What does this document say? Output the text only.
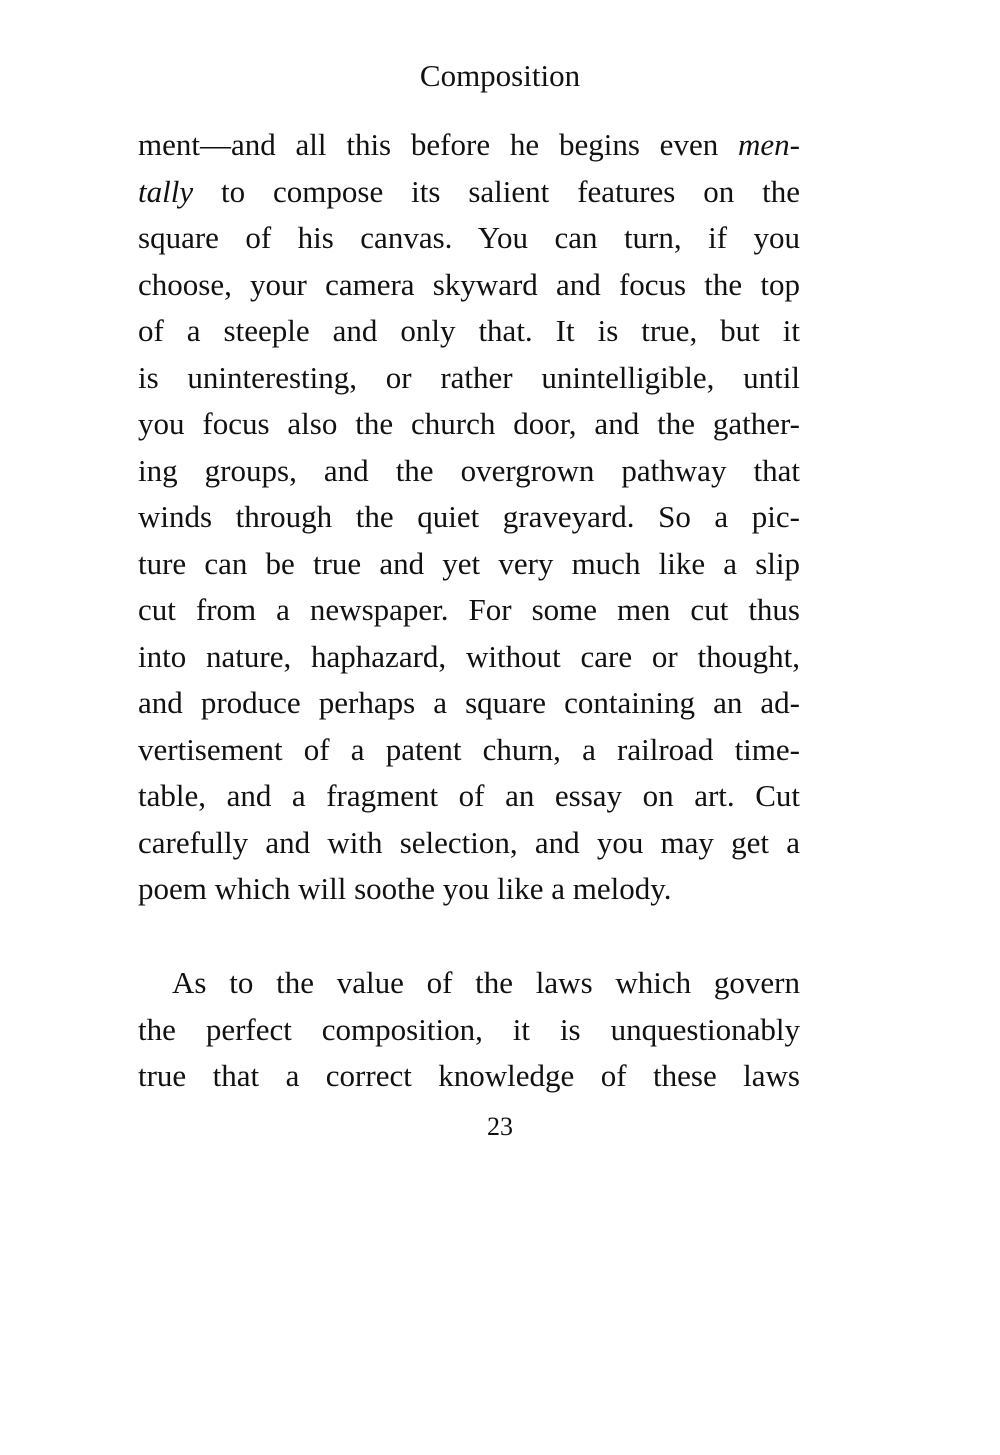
Composition
ment—and all this before he begins even men-
tally to compose its salient features on the
square of his canvas. You can turn, if you
choose, your camera skyward and focus the top
of a steeple and only that. It is true, but it
is uninteresting, or rather unintelligible, until
you focus also the church door, and the gather-
ing groups, and the overgrown pathway that
winds through the quiet graveyard. So a pic-
ture can be true and yet very much like a slip
cut from a newspaper. For some men cut thus
into nature, haphazard, without care or thought,
and produce perhaps a square containing an ad-
vertisement of a patent churn, a railroad time-
table, and a fragment of an essay on art. Cut
carefully and with selection, and you may get a
poem which will soothe you like a melody.
As to the value of the laws which govern
the perfect composition, it is unquestionably
true that a correct knowledge of these laws
23
